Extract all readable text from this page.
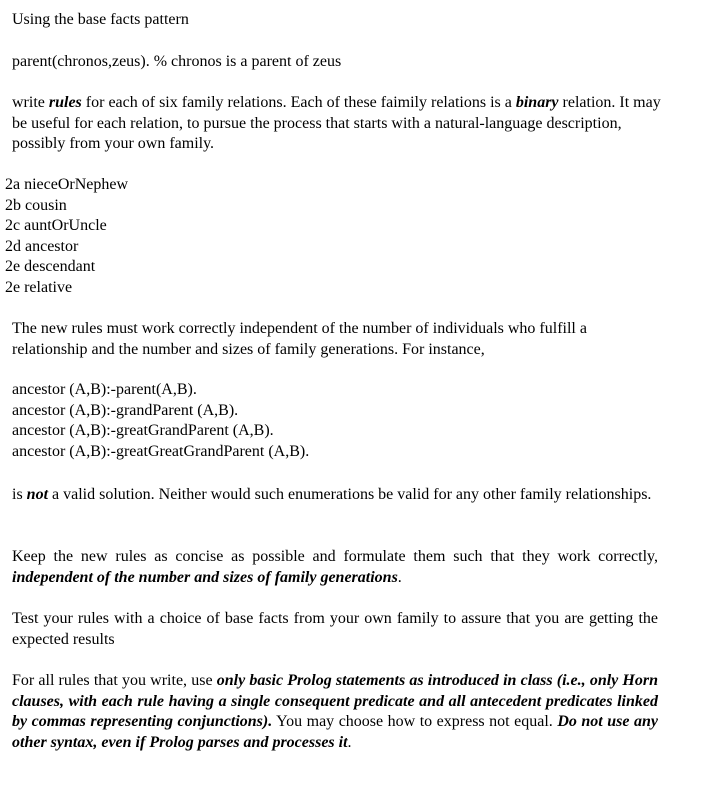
Using the base facts pattern

parent(chronos,zeus). % chronos is a parent of zeus

write rules for each of six family relations. Each of these faimily relations is a binary relation. It may be useful for each relation, to pursue the process that starts with a natural-language description, possibly from your own family.

2a nieceOrNephew
2b cousin
2c auntOrUncle
2d ancestor
2e descendant
2e relative

The new rules must work correctly independent of the number of individuals who fulfill a relationship and the number and sizes of family generations. For instance,

ancestor (A,B):-parent(A,B).
ancestor (A,B):-grandParent (A,B).
ancestor (A,B):-greatGrandParent (A,B).
ancestor (A,B):-greatGreatGrandParent (A,B).

is not a valid solution. Neither would such enumerations be valid for any other family relationships.

Keep the new rules as concise as possible and formulate them such that they work correctly, independent of the number and sizes of family generations.

Test your rules with a choice of base facts from your own family to assure that you are getting the expected results

For all rules that you write, use only basic Prolog statements as introduced in class (i.e., only Horn clauses, with each rule having a single consequent predicate and all antecedent predicates linked by commas representing conjunctions). You may choose how to express not equal. Do not use any other syntax, even if Prolog parses and processes it.
